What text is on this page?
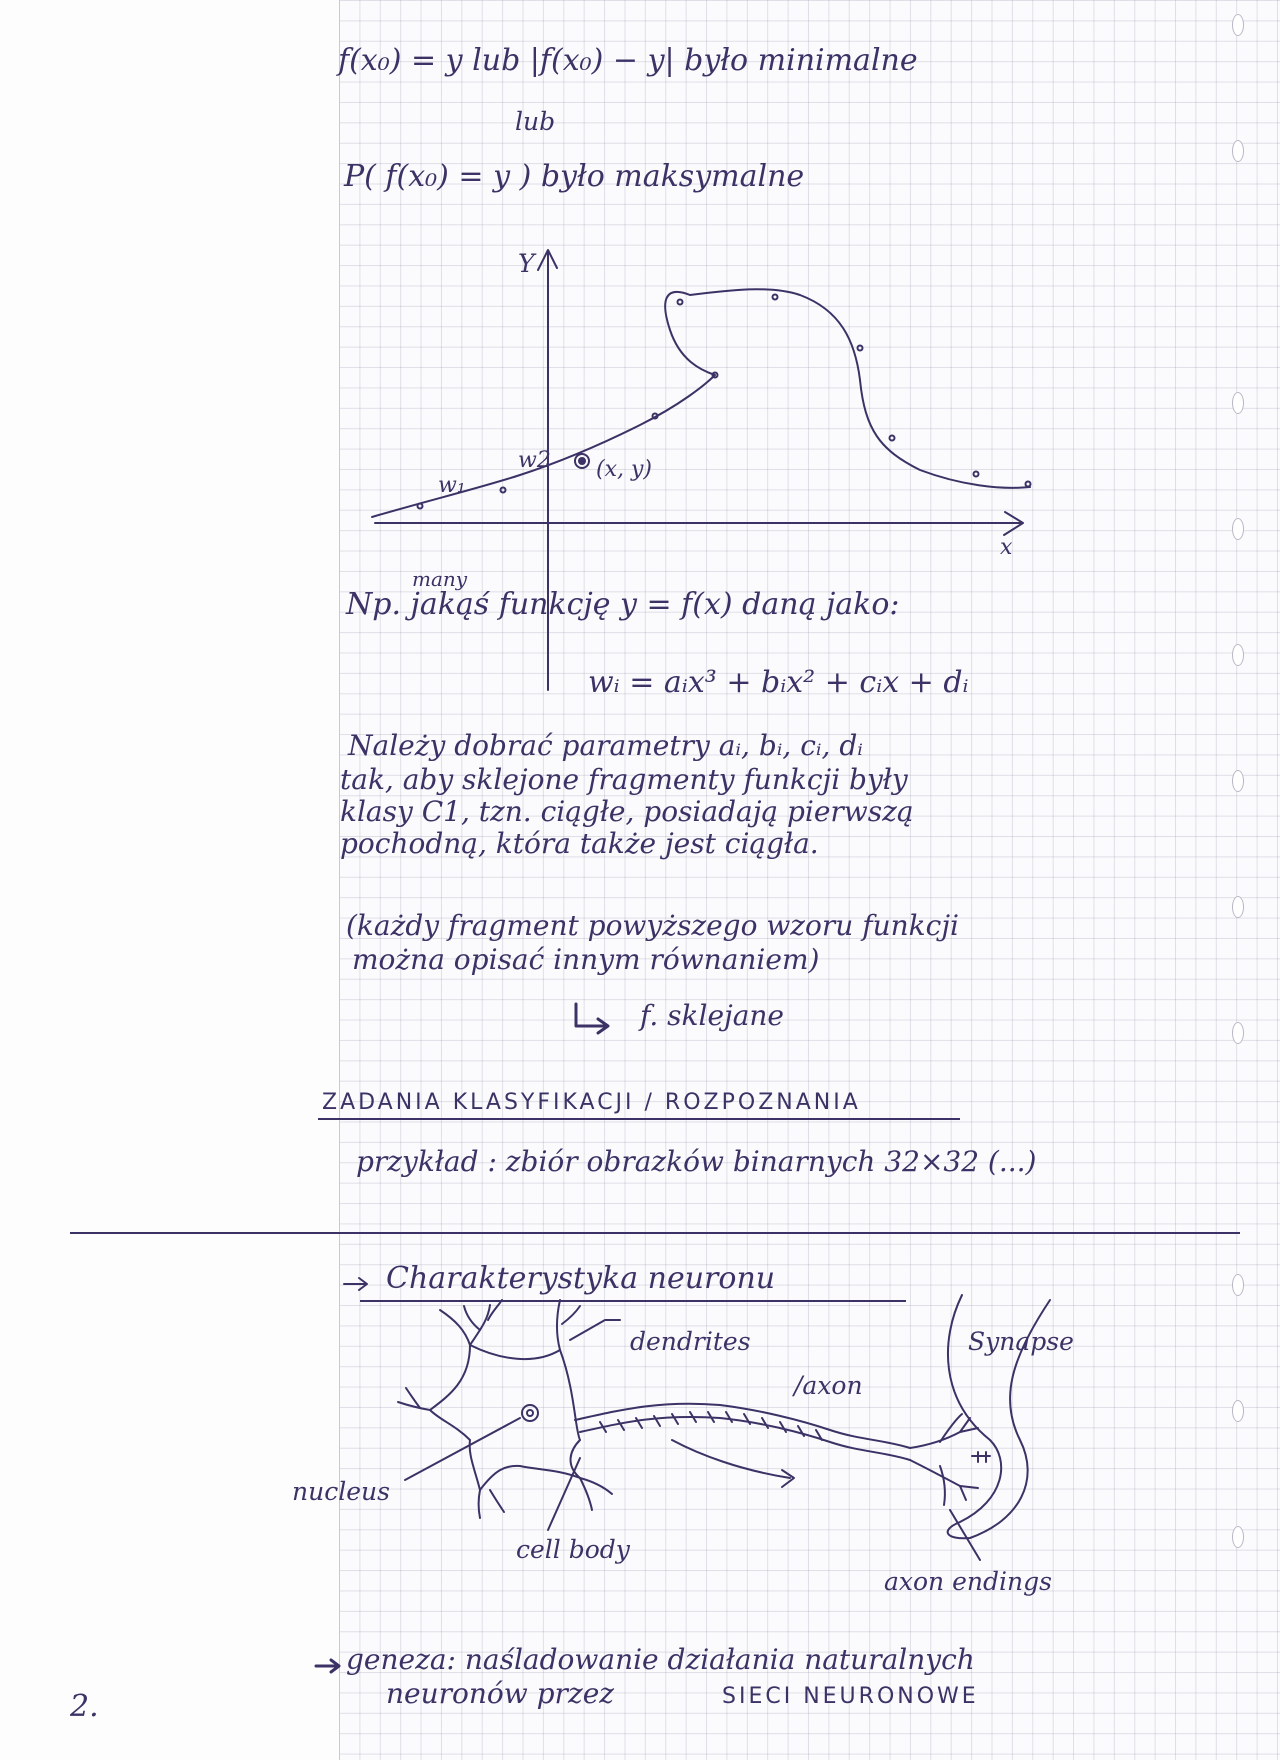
f(x₀) = y lub |f(x₀) − y| było minimalne
lub
P( f(x₀) = y ) było maksymalne
Y
x
w₁
w2 (x, y)
many
Np. jakąś funkcję y = f(x) daną jako:
wᵢ = aᵢx³ + bᵢx² + cᵢx + dᵢ
Należy dobrać parametry aᵢ, bᵢ, cᵢ, dᵢ
tak, aby sklejone fragmenty funkcji były
klasy C1, tzn. ciągłe, posiadają pierwszą
pochodną, która także jest ciągła.
(każdy fragment powyższego wzoru funkcji
można opisać innym równaniem)
f. sklejane
ZADANIA KLASYFIKACJI / ROZPOZNANIA
przykład : zbiór obrazków binarnych 32×32 (...)
Charakterystyka neuronu
dendrites
/axon
Synapse
nucleus
cell body
axon endings
geneza: naśladowanie działania naturalnych
neuronów przez	SIECI NEURONOWE
2.
